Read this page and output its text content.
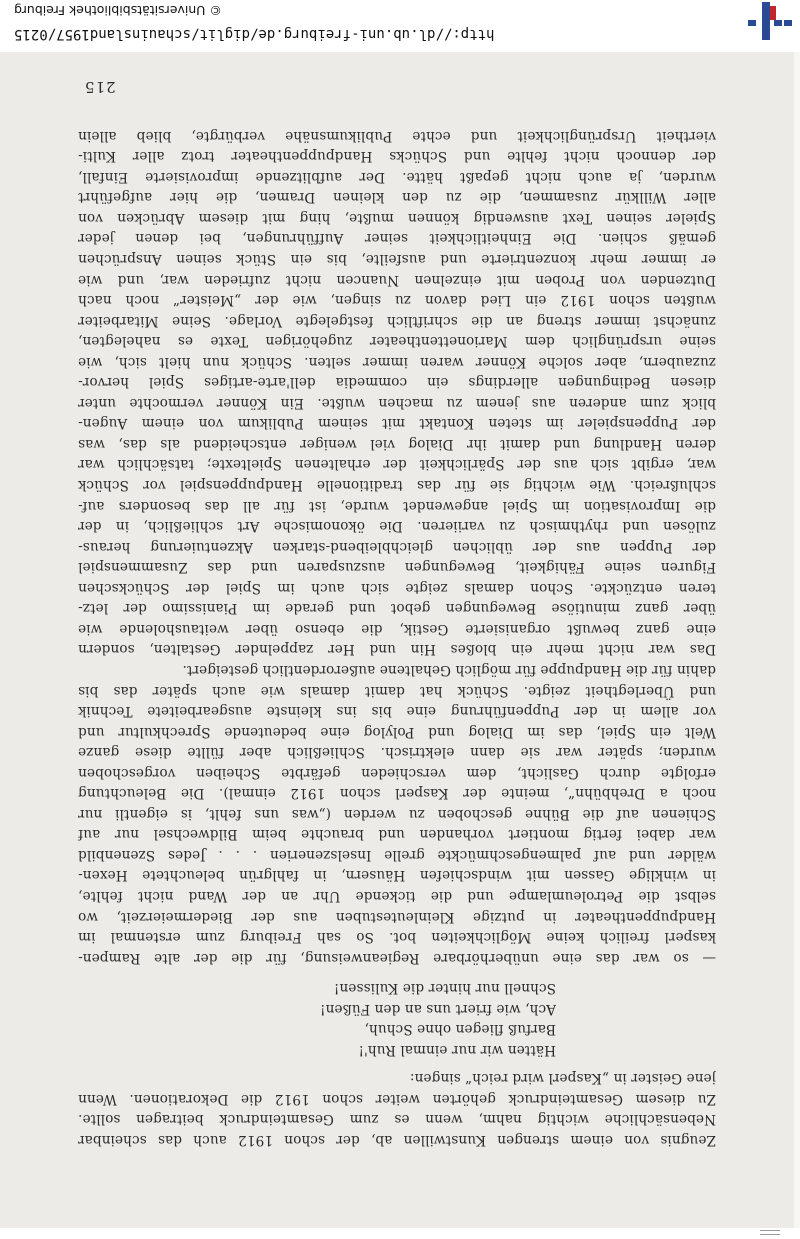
http://dl.ub.uni-freiburg.de/diglit/schauinsland1957/0215
© Universitätsbibliothek Freiburg
Zeugnis von einem strengen Kunstwillen ab, der schon 1912 auch das scheinbar
Nebensächliche wichtig nahm, wenn es zum Gesamteindruck beitragen sollte.
Zu diesem Gesamteindruck gehörten weiter schon 1912 die Dekorationen. Wenn
jene Geister in „Kasperl wird reich“ singen:
Hätten wir nur einmal Ruh'!
Barfuß fliegen ohne Schuh,
Ach, wie friert uns an den Füßen!
Schnell nur hinter die Kulissen!
— so war das eine unüberhörbare Regieanweisung, für die der alte Rampen-
kasperl freilich keine Möglichkeiten bot. So sah Freiburg zum erstenmal im
Handpuppentheater in putzige Kleinleutestuben aus der Biedermeierzeit, wo
selbst die Petroleumlampe und die tickende Uhr an der Wand nicht fehlte,
in winklige Gassen mit windschiefen Häusern, in fahlgrün beleuchtete Hexen-
wälder und auf palmengeschmückte grelle Inselszenerien . . . Jedes Szenenbild
war dabei fertig montiert vorhanden und brauchte beim Bildwechsel nur auf
Schienen auf die Bühne geschoben zu werden („was uns fehlt, is eigentli nur
noch a Drehbühn“, meinte der Kasperl schon 1912 einmal). Die Beleuchtung
erfolgte durch Gaslicht, dem verschieden gefärbte Scheiben vorgeschoben
wurden; später war sie dann elektrisch. Schließlich aber füllte diese ganze
Welt ein Spiel, das im Dialog und Polylog eine bedeutende Sprechkultur und
vor allem in der Puppenführung eine bis ins kleinste ausgearbeitete Technik
und Überlegtheit zeigte. Schück hat damit damals wie auch später das bis
dahin für die Handpuppe für möglich Gehaltene außerordentlich gesteigert.
Das war nicht mehr ein bloßes Hin und Her zappelnder Gestalten, sondern
eine ganz bewußt organisierte Gestik, die ebenso über weitausholende wie
über ganz minutiöse Bewegungen gebot und gerade im Pianissimo der letz-
teren entzückte. Schon damals zeigte sich auch im Spiel der Schückschen
Figuren seine Fähigkeit, Bewegungen auszusparen und das Zusammenspiel
der Puppen aus der üblichen gleichbleibend-starken Akzentuierung heraus-
zulösen und rhythmisch zu variieren. Die ökonomische Art schließlich, in der
die Improvisation im Spiel angewendet wurde, ist für all das besonders auf-
schlußreich. Wie wichtig sie für das traditionelle Handpuppenspiel vor Schück
war, ergibt sich aus der Spärlichkeit der erhaltenen Spieltexte; tatsächlich war
deren Handlung und damit ihr Dialog viel weniger entscheidend als das, was
der Puppenspieler im steten Kontakt mit seinem Publikum von einem Augen-
blick zum anderen aus jenem zu machen wußte. Ein Könner vermochte unter
diesen Bedingungen allerdings ein commedia dell'arte-artiges Spiel hervor-
zuzaubern, aber solche Könner waren immer selten. Schück nun hielt sich, wie
seine ursprünglich dem Marionettentheater zugehörigen Texte es nahelegten,
zunächst immer streng an die schriftlich festgelegte Vorlage. Seine Mitarbeiter
wußten schon 1912 ein Lied davon zu singen, wie der „Meister“ noch nach
Dutzenden von Proben mit einzelnen Nuancen nicht zufrieden war, und wie
er immer mehr konzentrierte und ausfeilte, bis ein Stück seinen Ansprüchen
gemäß schien. Die Einheitlichkeit seiner Aufführungen, bei denen jeder
Spieler seinen Text auswendig können mußte, hing mit diesem Abrücken von
aller Willkür zusammen, die zu den kleinen Dramen, die hier aufgeführt
wurden, ja auch nicht gepaßt hätte. Der aufblitzende improvisierte Einfall,
der dennoch nicht fehlte und Schücks Handpuppentheater trotz aller Kulti-
viertheit Ursprünglichkeit und echte Publikumsnähe verbürgte, blieb allein
215
